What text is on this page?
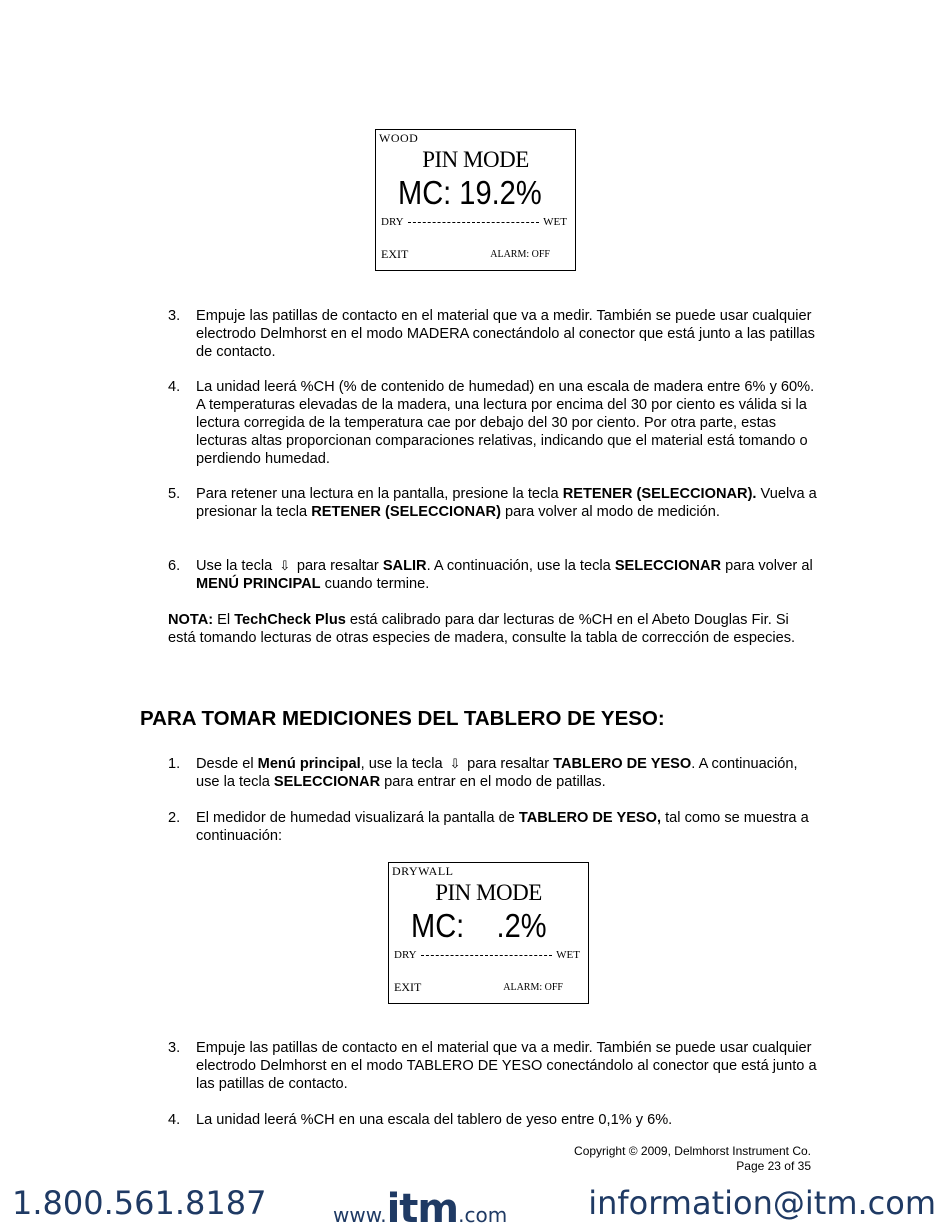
WOOD
PIN MODE
MC: 19.2%
DRY	WET
EXIT	ALARM: OFF
3. Empuje las patillas de contacto en el material que va a medir. También se puede usar cualquier electrodo Delmhorst en el modo MADERA conectándolo al conector que está junto a las patillas de contacto.
4. La unidad leerá %CH (% de contenido de humedad) en una escala de madera entre 6% y 60%. A temperaturas elevadas de la madera, una lectura por encima del 30 por ciento es válida si la lectura corregida de la temperatura cae por debajo del 30 por ciento. Por otra parte, estas lecturas altas proporcionan comparaciones relativas, indicando que el material está tomando o perdiendo humedad.
5. Para retener una lectura en la pantalla, presione la tecla RETENER (SELECCIONAR). Vuelva a presionar la tecla RETENER (SELECCIONAR) para volver al modo de medición.
6. Use la tecla ⇩ para resaltar SALIR. A continuación, use la tecla SELECCIONAR para volver al MENÚ PRINCIPAL cuando termine.
NOTA: El TechCheck Plus está calibrado para dar lecturas de %CH en el Abeto Douglas Fir. Si está tomando lecturas de otras especies de madera, consulte la tabla de corrección de especies.
PARA TOMAR MEDICIONES DEL TABLERO DE YESO:
1. Desde el Menú principal, use la tecla ⇩ para resaltar TABLERO DE YESO. A continuación, use la tecla SELECCIONAR para entrar en el modo de patillas.
2. El medidor de humedad visualizará la pantalla de TABLERO DE YESO, tal como se muestra a continuación:
DRYWALL
PIN MODE
MC:    .2%
DRY	WET
EXIT	ALARM: OFF
3. Empuje las patillas de contacto en el material que va a medir. También se puede usar cualquier electrodo Delmhorst en el modo TABLERO DE YESO conectándolo al conector que está junto a las patillas de contacto.
4. La unidad leerá %CH en una escala del tablero de yeso entre 0,1% y 6%.
Copyright © 2009, Delmhorst Instrument Co.
Page 23 of 35
1.800.561.8187	www. itm .com	information@itm.com
